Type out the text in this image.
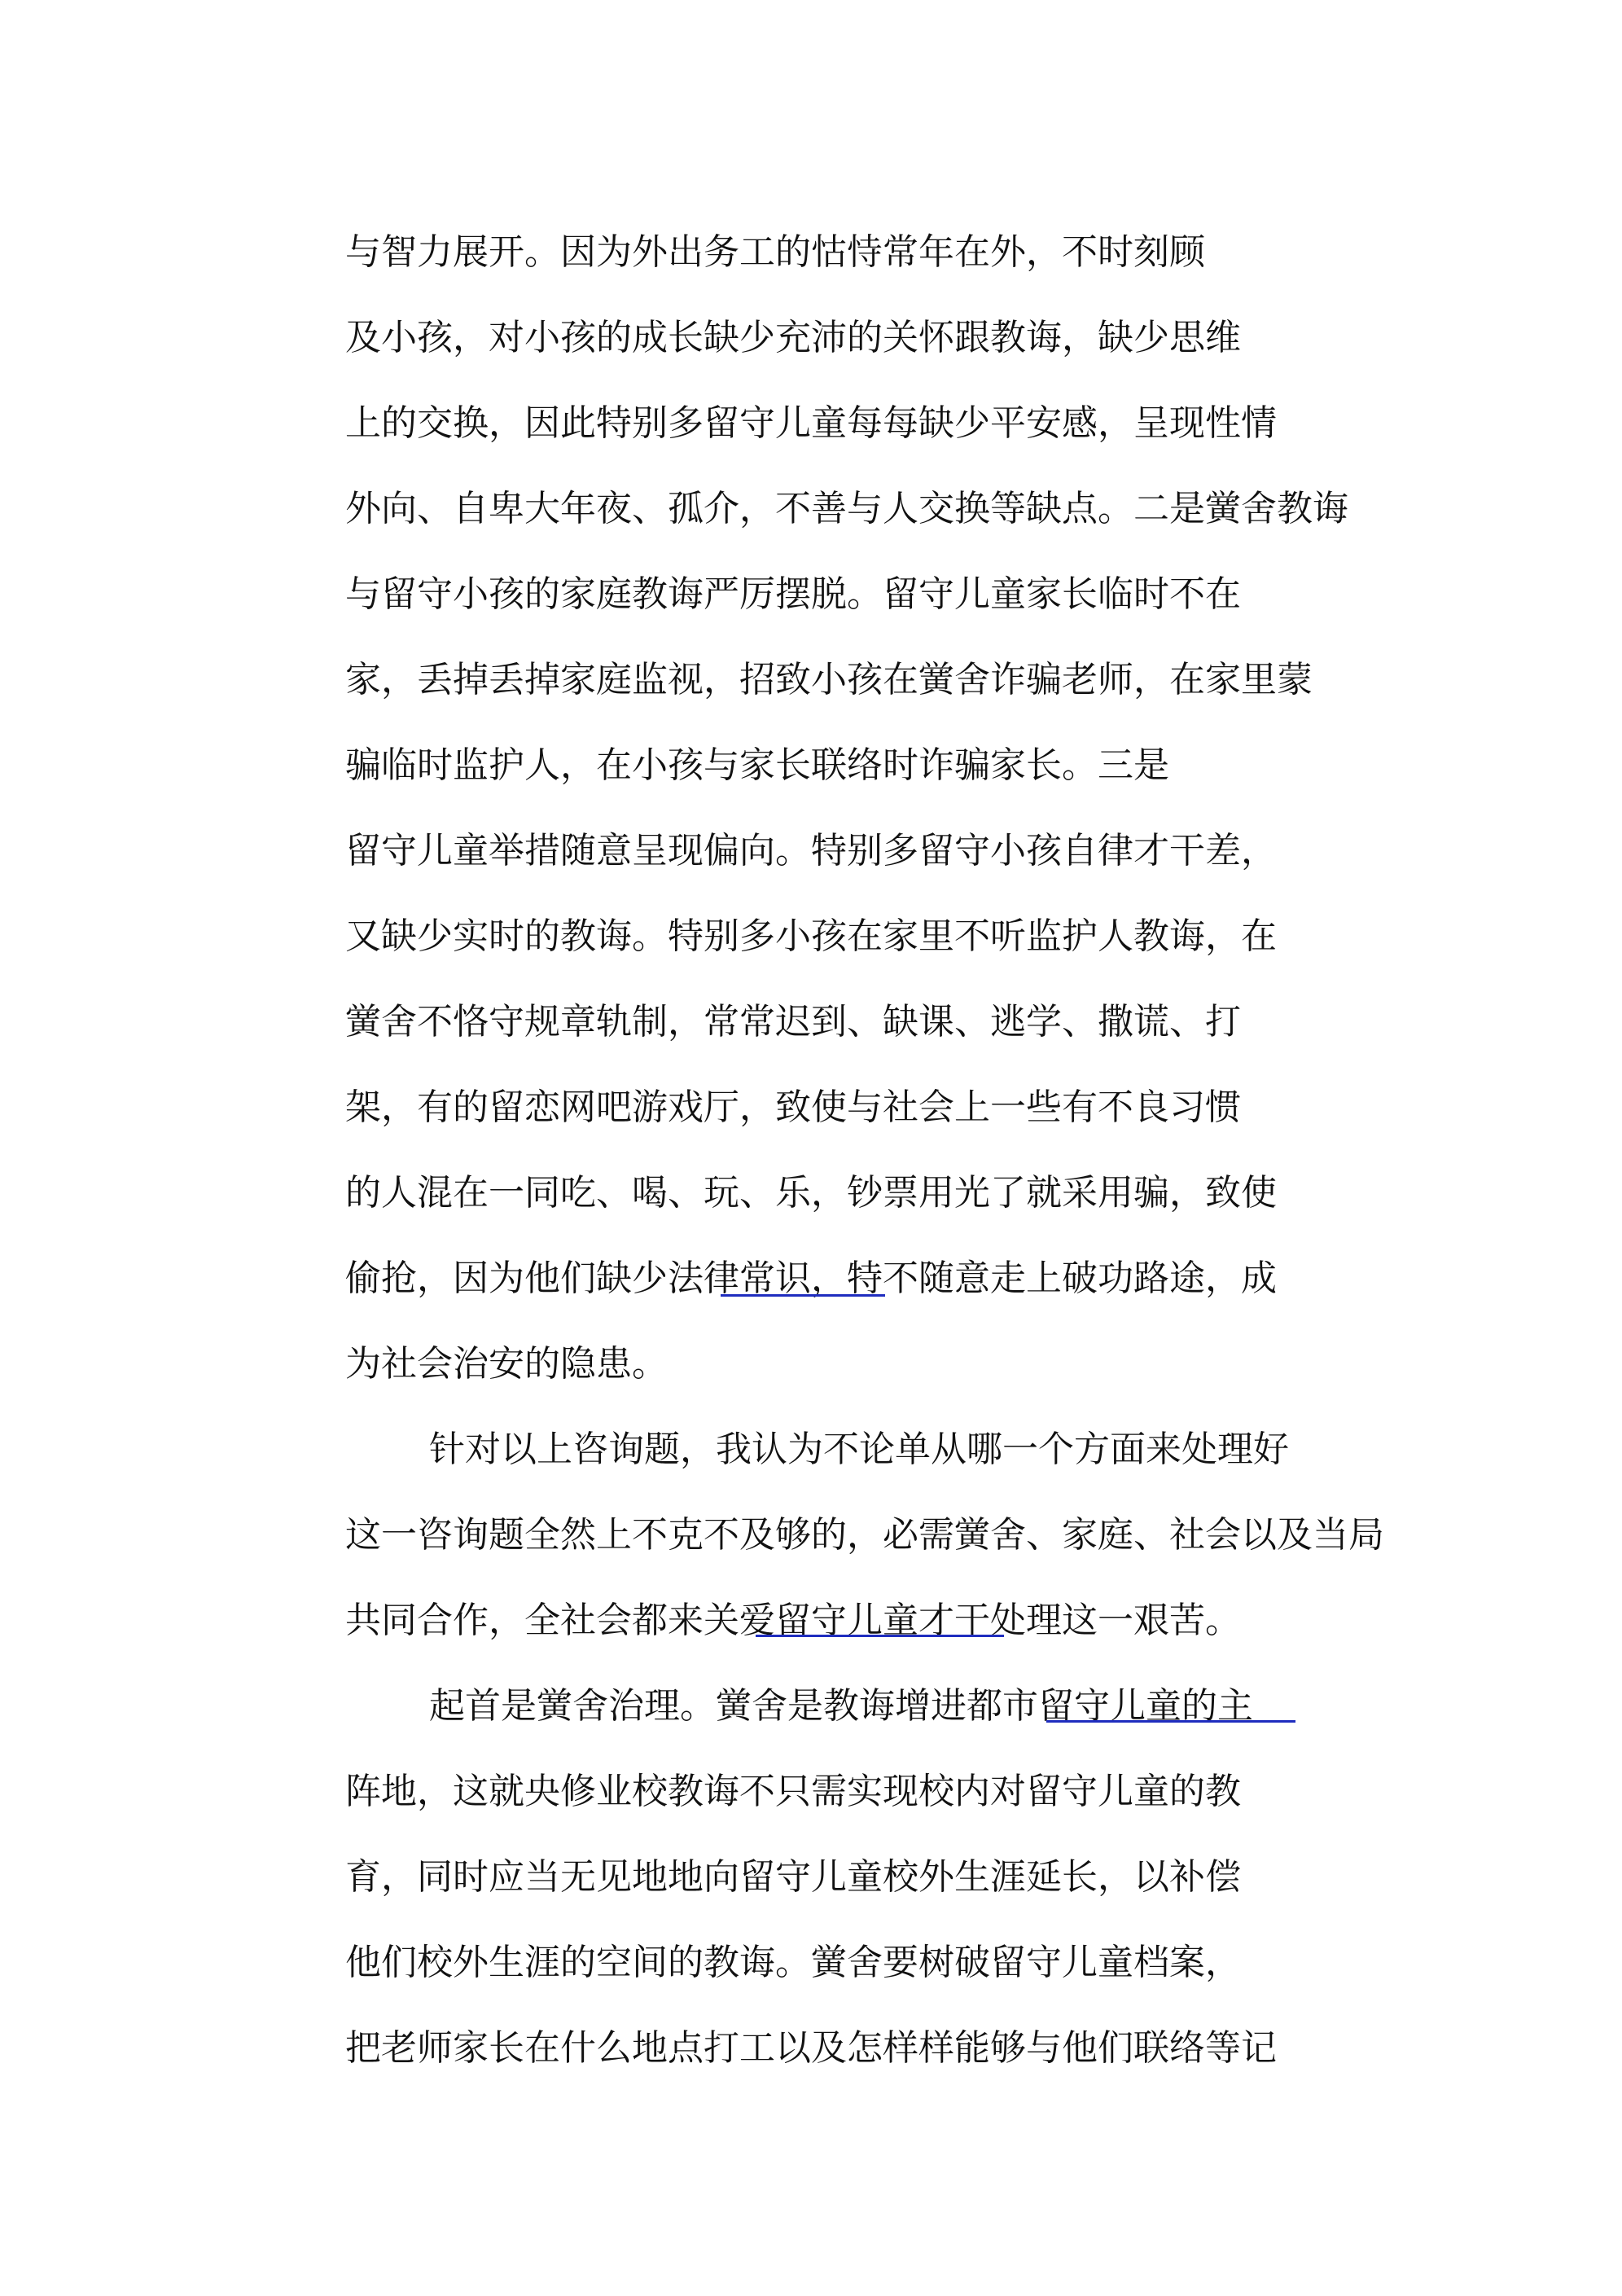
与智力展开。因为外出务工的怙恃常年在外，不时刻顾
及小孩，对小孩的成长缺少充沛的关怀跟教诲，缺少思维
上的交换，因此特别多留守儿童每每缺少平安感，呈现性情
外向、自卑大年夜、孤介，不善与人交换等缺点。二是黉舍教诲
与留守小孩的家庭教诲严厉摆脱。留守儿童家长临时不在
家，丢掉丢掉家庭监视，招致小孩在黉舍诈骗老师，在家里蒙
骗临时监护人，在小孩与家长联络时诈骗家长。三是
留守儿童举措随意呈现偏向。特别多留守小孩自律才干差，
又缺少实时的教诲。特别多小孩在家里不听监护人教诲，在
黉舍不恪守规章轨制，常常迟到、缺课、逃学、撒谎、打
架，有的留恋网吧游戏厅，致使与社会上一些有不良习惯
的人混在一同吃、喝、玩、乐，钞票用光了就采用骗，致使
偷抢，因为他们缺少法律常识，特不随意走上破功路途，成
为社会治安的隐患。
针对以上咨询题，我认为不论单从哪一个方面来处理好
这一咨询题全然上不克不及够的，必需黉舍、家庭、社会以及当局
共同合作，全社会都来关爱留守儿童才干处理这一艰苦。
起首是黉舍治理。黉舍是教诲增进都市留守儿童的主
阵地，这就央修业校教诲不只需实现校内对留守儿童的教
育，同时应当无见地地向留守儿童校外生涯延长，以补偿
他们校外生涯的空间的教诲。黉舍要树破留守儿童档案，
把老师家长在什么地点打工以及怎样样能够与他们联络等记
